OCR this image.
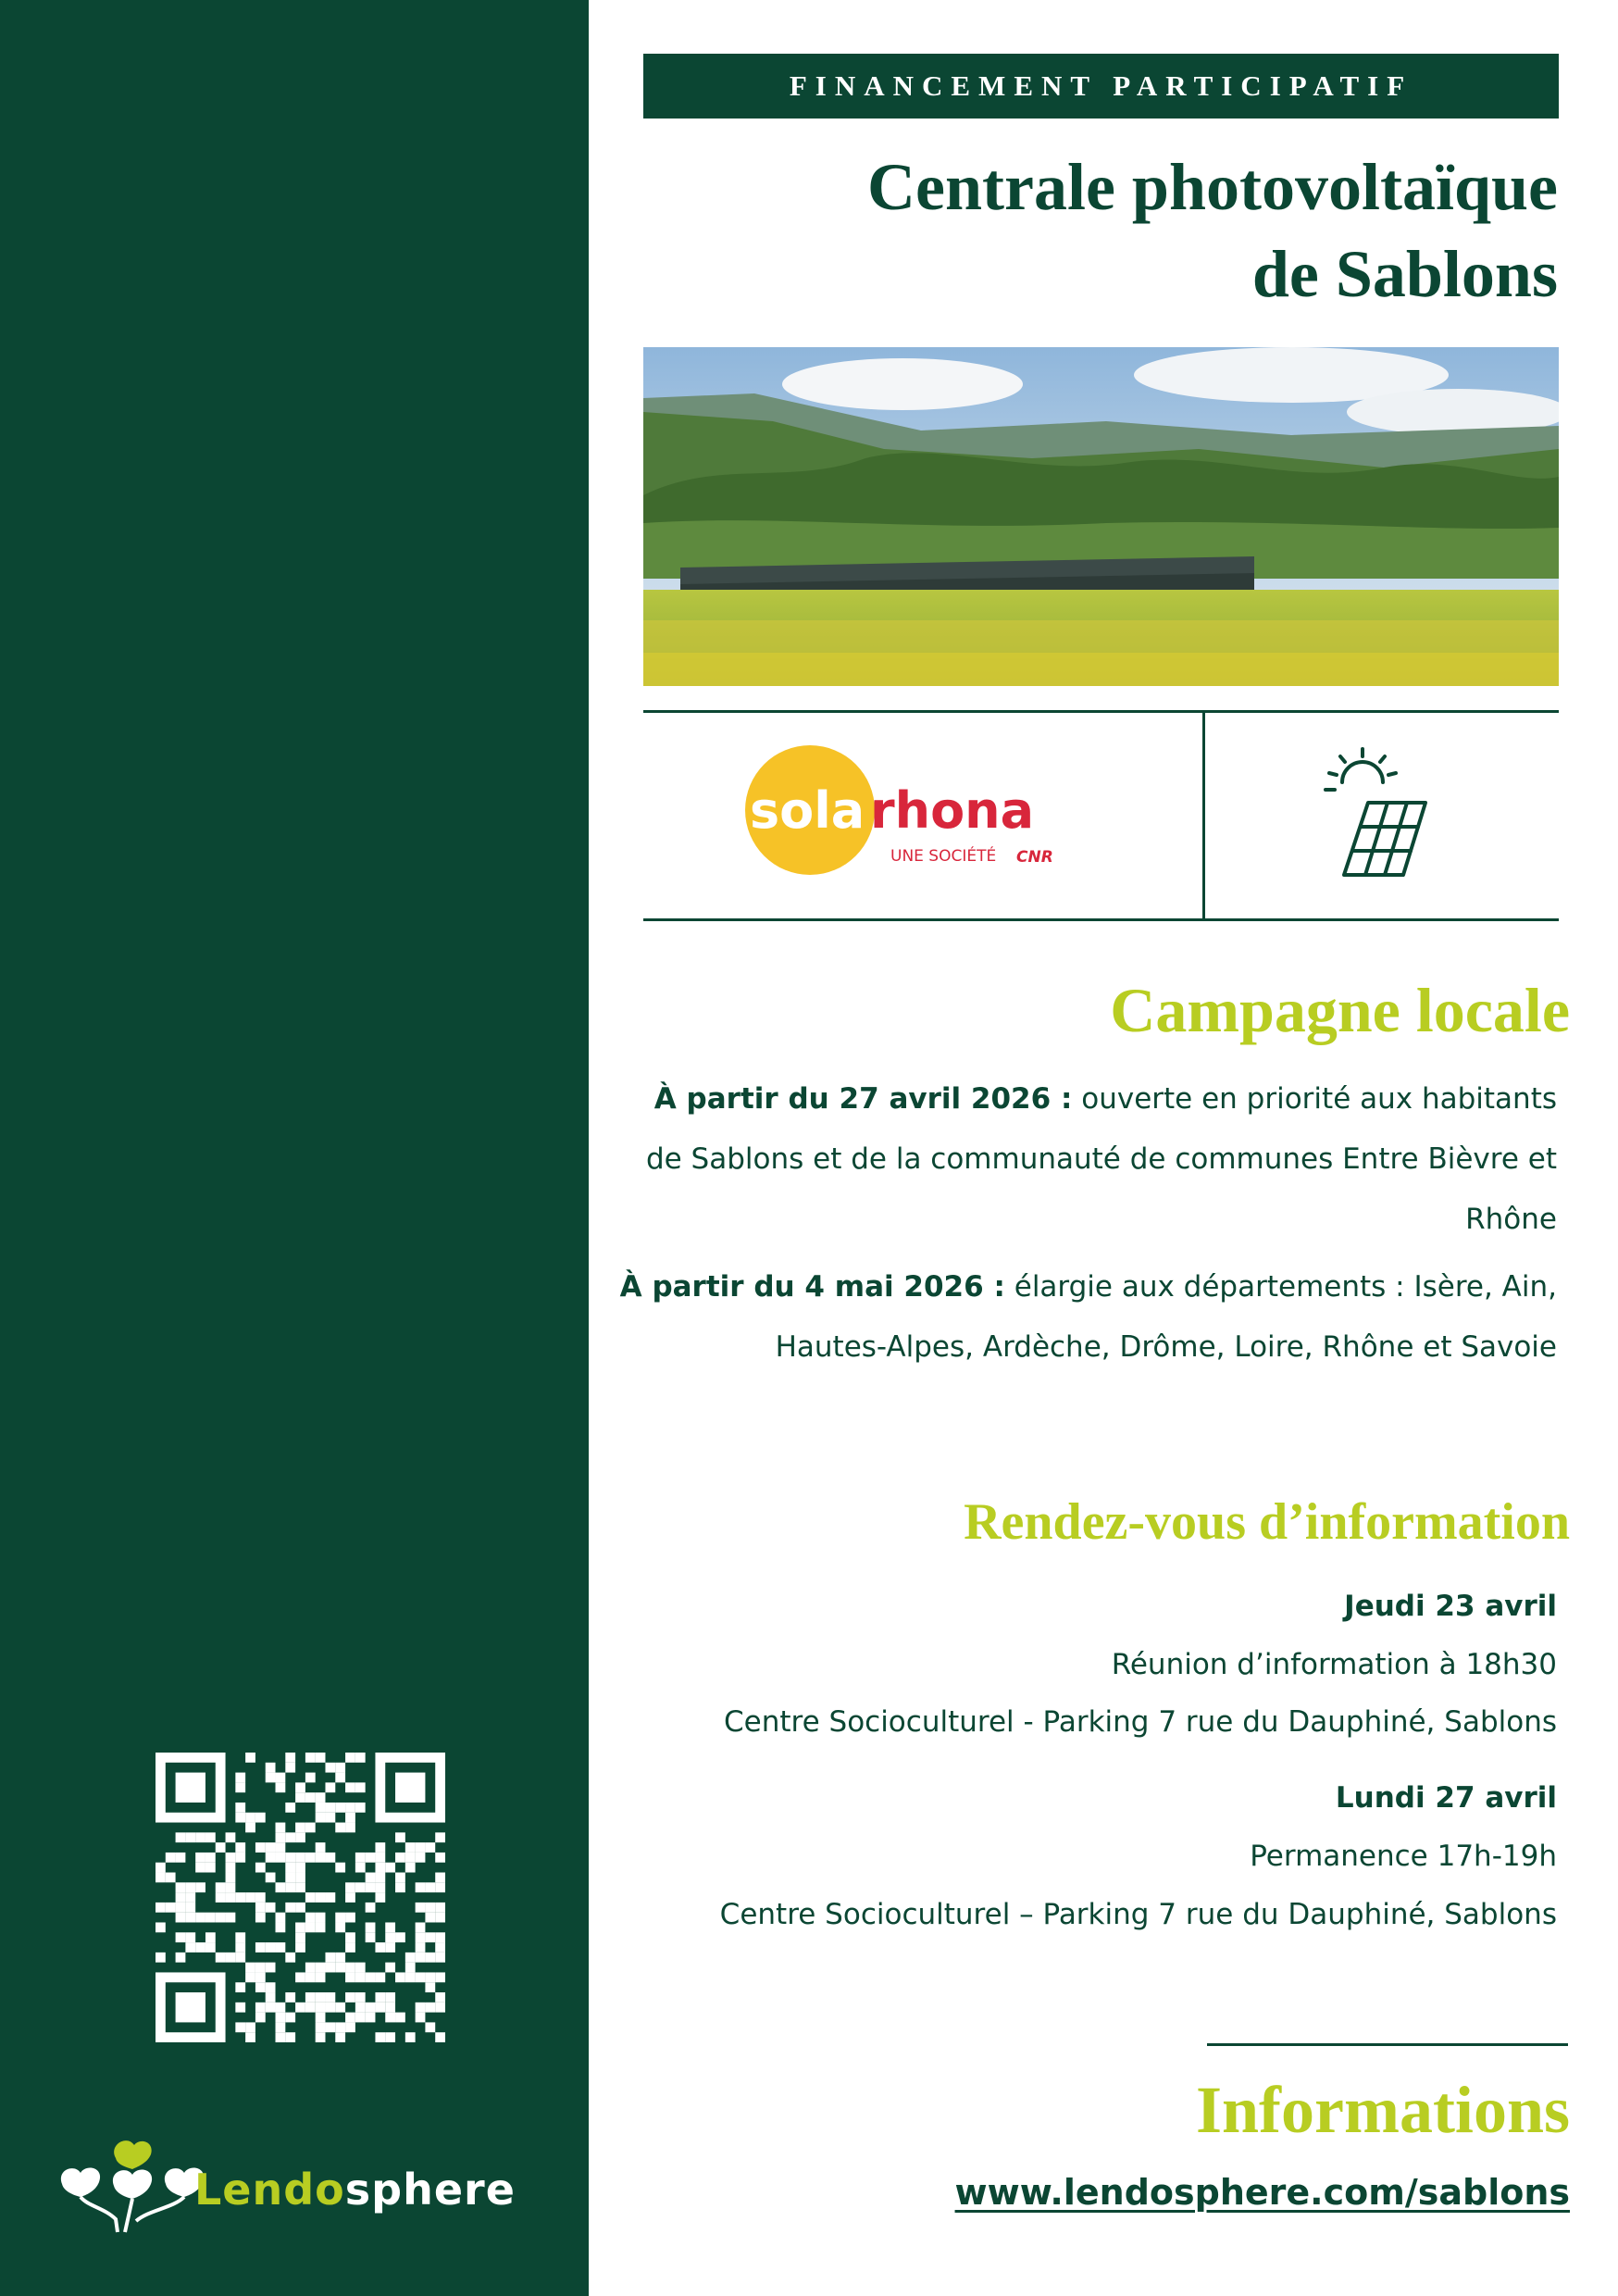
Lendosphere
FINANCEMENT PARTICIPATIF
Centrale photovoltaïque
de Sablons
sola rhona
UNE SOCIÉTÉ CNR
Campagne locale
À partir du 27 avril 2026 : ouverte en priorité aux habitants de Sablons et de la communauté de communes Entre Bièvre et Rhône
À partir du 4 mai 2026 : élargie aux départements : Isère, Ain, Hautes-Alpes, Ardèche, Drôme, Loire, Rhône et Savoie
Rendez-vous d’information
Jeudi 23 avril
Réunion d’information à 18h30
Centre Socioculturel - Parking 7 rue du Dauphiné, Sablons
Lundi 27 avril
Permanence 17h-19h
Centre Socioculturel – Parking 7 rue du Dauphiné, Sablons
Informations
www.lendosphere.com/sablons
